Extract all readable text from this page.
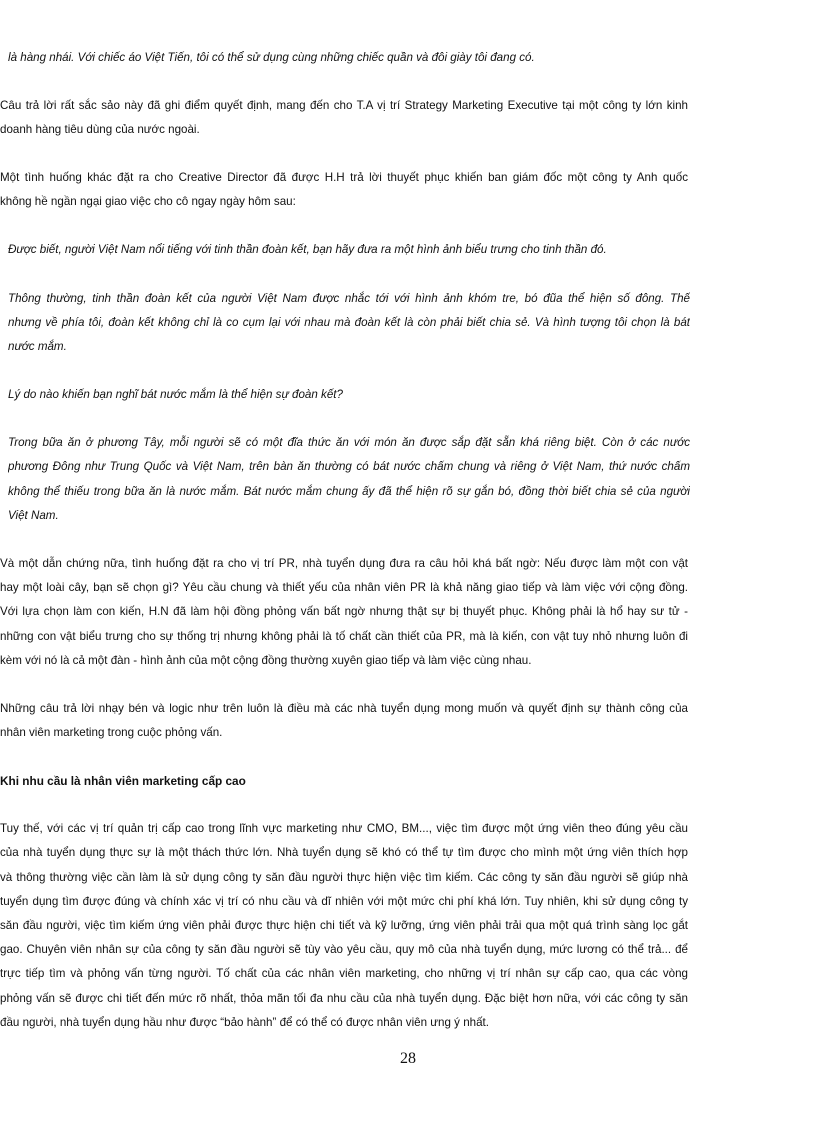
là hàng nhái. Với chiếc áo Việt Tiến, tôi có thể sử dụng cùng những chiếc quần và đôi giày tôi đang có.
Câu trả lời rất sắc sảo này đã ghi điểm quyết định, mang đến cho T.A vị trí Strategy Marketing Executive tại một công ty lớn kinh
doanh hàng tiêu dùng của nước ngoài.
Một tình huống khác đặt ra cho Creative Director đã được H.H trả lời thuyết phục khiến ban giám đốc một công ty Anh quốc
không hề ngần ngại giao việc cho cô ngay ngày hôm sau:
Được biết, người Việt Nam nổi tiếng với tinh thần đoàn kết, bạn hãy đưa ra một hình ảnh biểu trưng cho tinh thần đó.
Thông thường, tinh thần đoàn kết của người Việt Nam được nhắc tới với hình ảnh khóm tre, bó đũa thể hiện số đông. Thế
nhưng về phía tôi, đoàn kết không chỉ là co cụm lại với nhau mà đoàn kết là còn phải biết chia sẻ. Và hình tượng tôi chọn là bát
nước mắm.
Lý do nào khiến bạn nghĩ bát nước mắm là thể hiện sự đoàn kết?
Trong bữa ăn ở phương Tây, mỗi người sẽ có một đĩa thức ăn với món ăn được sắp đặt sẵn khá riêng biệt. Còn ở các nước
phương Đông như Trung Quốc và Việt Nam, trên bàn ăn thường có bát nước chấm chung và riêng ở Việt Nam, thứ nước chấm
không thể thiếu trong bữa ăn là nước mắm. Bát nước mắm chung ấy đã thể hiện rõ sự gắn bó, đồng thời biết chia sẻ của người
Việt Nam.
Và một dẫn chứng nữa, tình huống đặt ra cho vị trí PR, nhà tuyển dụng đưa ra câu hỏi khá bất ngờ: Nếu được làm một con vật
hay một loài cây, bạn sẽ chọn gì? Yêu cầu chung và thiết yếu của nhân viên PR là khả năng giao tiếp và làm việc với cộng đồng.
Với lựa chọn làm con kiến, H.N đã làm hội đồng phỏng vấn bất ngờ nhưng thật sự bị thuyết phục. Không phải là hổ hay sư tử -
những con vật biểu trưng cho sự thống trị nhưng không phải là tố chất cần thiết của PR, mà là kiến, con vật tuy nhỏ nhưng luôn đi
kèm với nó là cả một đàn - hình ảnh của một cộng đồng thường xuyên giao tiếp và làm việc cùng nhau.
Những câu trả lời nhạy bén và logic như trên luôn là điều mà các nhà tuyển dụng mong muốn và quyết định sự thành công của
nhân viên marketing trong cuộc phỏng vấn.
Khi nhu cầu là nhân viên marketing cấp cao
Tuy thế, với các vị trí quản trị cấp cao trong lĩnh vực marketing như CMO, BM..., việc tìm được một ứng viên theo đúng yêu cầu
của nhà tuyển dụng thực sự là một thách thức lớn. Nhà tuyển dụng sẽ khó có thể tự tìm được cho mình một ứng viên thích hợp
và thông thường việc cần làm là sử dụng công ty săn đầu người thực hiện việc tìm kiếm. Các công ty săn đầu người sẽ giúp nhà
tuyển dụng tìm được đúng và chính xác vị trí có nhu cầu và dĩ nhiên với một mức chi phí khá lớn. Tuy nhiên, khi sử dụng công ty
săn đầu người, việc tìm kiếm ứng viên phải được thực hiện chi tiết và kỹ lưỡng, ứng viên phải trải qua một quá trình sàng lọc gắt
gao. Chuyên viên nhân sự của công ty săn đầu người sẽ tùy vào yêu cầu, quy mô của nhà tuyển dụng, mức lương có thể trả... để
trực tiếp tìm và phỏng vấn từng người. Tố chất của các nhân viên marketing, cho những vị trí nhân sự cấp cao, qua các vòng
phỏng vấn sẽ được chi tiết đến mức rõ nhất, thỏa mãn tối đa nhu cầu của nhà tuyển dụng. Đặc biệt hơn nữa, với các công ty săn
đầu người, nhà tuyển dụng hầu như được “bảo hành” để có thể có được nhân viên ưng ý nhất.
28
